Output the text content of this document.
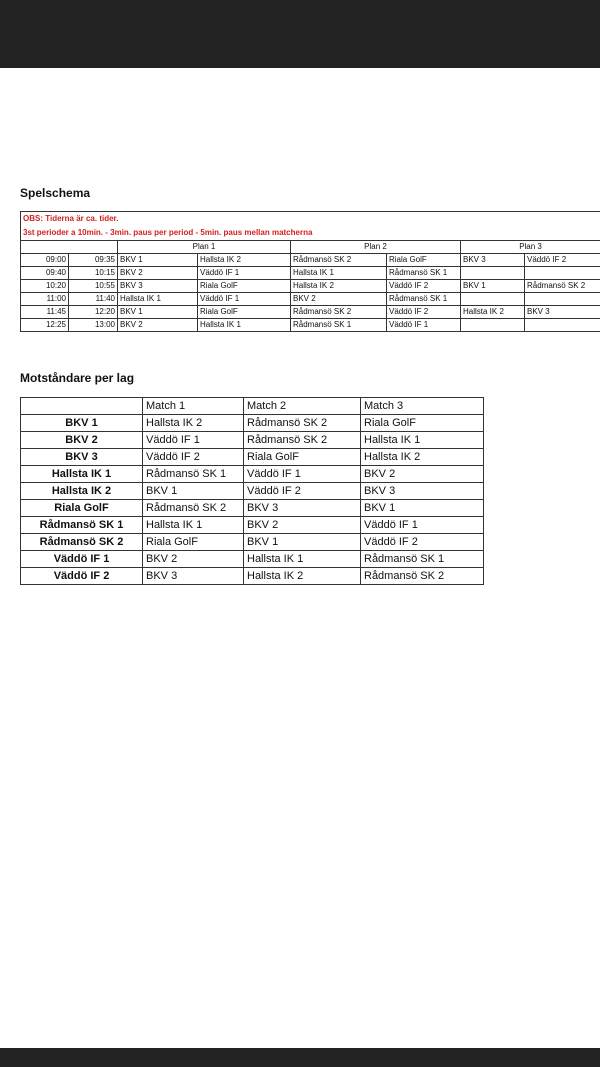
Spelschema
OBS: Tiderna är ca. tider.							
3st perioder a 10min. - 3min. paus per period - 5min. paus mellan matcherna							
		Plan 1		Plan 2		Plan 3	
09:00	09:35	BKV 1	Hallsta IK 2	Rådmansö SK 2	Riala GolF	BKV 3	Väddö IF 2
09:40	10:15	BKV 2	Väddö IF 1	Hallsta IK 1	Rådmansö SK 1		
10:20	10:55	BKV 3	Riala GolF	Hallsta IK 2	Väddö IF 2	BKV 1	Rådmansö SK 2
11:00	11:40	Hallsta IK 1	Väddö IF 1	BKV 2	Rådmansö SK 1		
11:45	12:20	BKV 1	Riala GolF	Rådmansö SK 2	Väddö IF 2	Hallsta IK 2	BKV 3
12:25	13:00	BKV 2	Hallsta IK 1	Rådmansö SK 1	Väddö IF 1		
Motståndare per lag
	Match 1	Match 2	Match 3
BKV 1	Hallsta IK 2	Rådmansö SK 2	Riala GolF
BKV 2	Väddö IF 1	Rådmansö SK 2	Hallsta IK 1
BKV 3	Väddö IF 2	Riala GolF	Hallsta IK 2
Hallsta IK 1	Rådmansö SK 1	Väddö IF 1	BKV 2
Hallsta IK 2	BKV 1	Väddö IF 2	BKV 3
Riala GolF	Rådmansö SK 2	BKV 3	BKV 1
Rådmansö SK 1	Hallsta IK 1	BKV 2	Väddö IF 1
Rådmansö SK 2	Riala GolF	BKV 1	Väddö IF 2
Väddö IF 1	BKV 2	Hallsta IK 1	Rådmansö SK 1
Väddö IF 2	BKV 3	Hallsta IK 2	Rådmansö SK 2
